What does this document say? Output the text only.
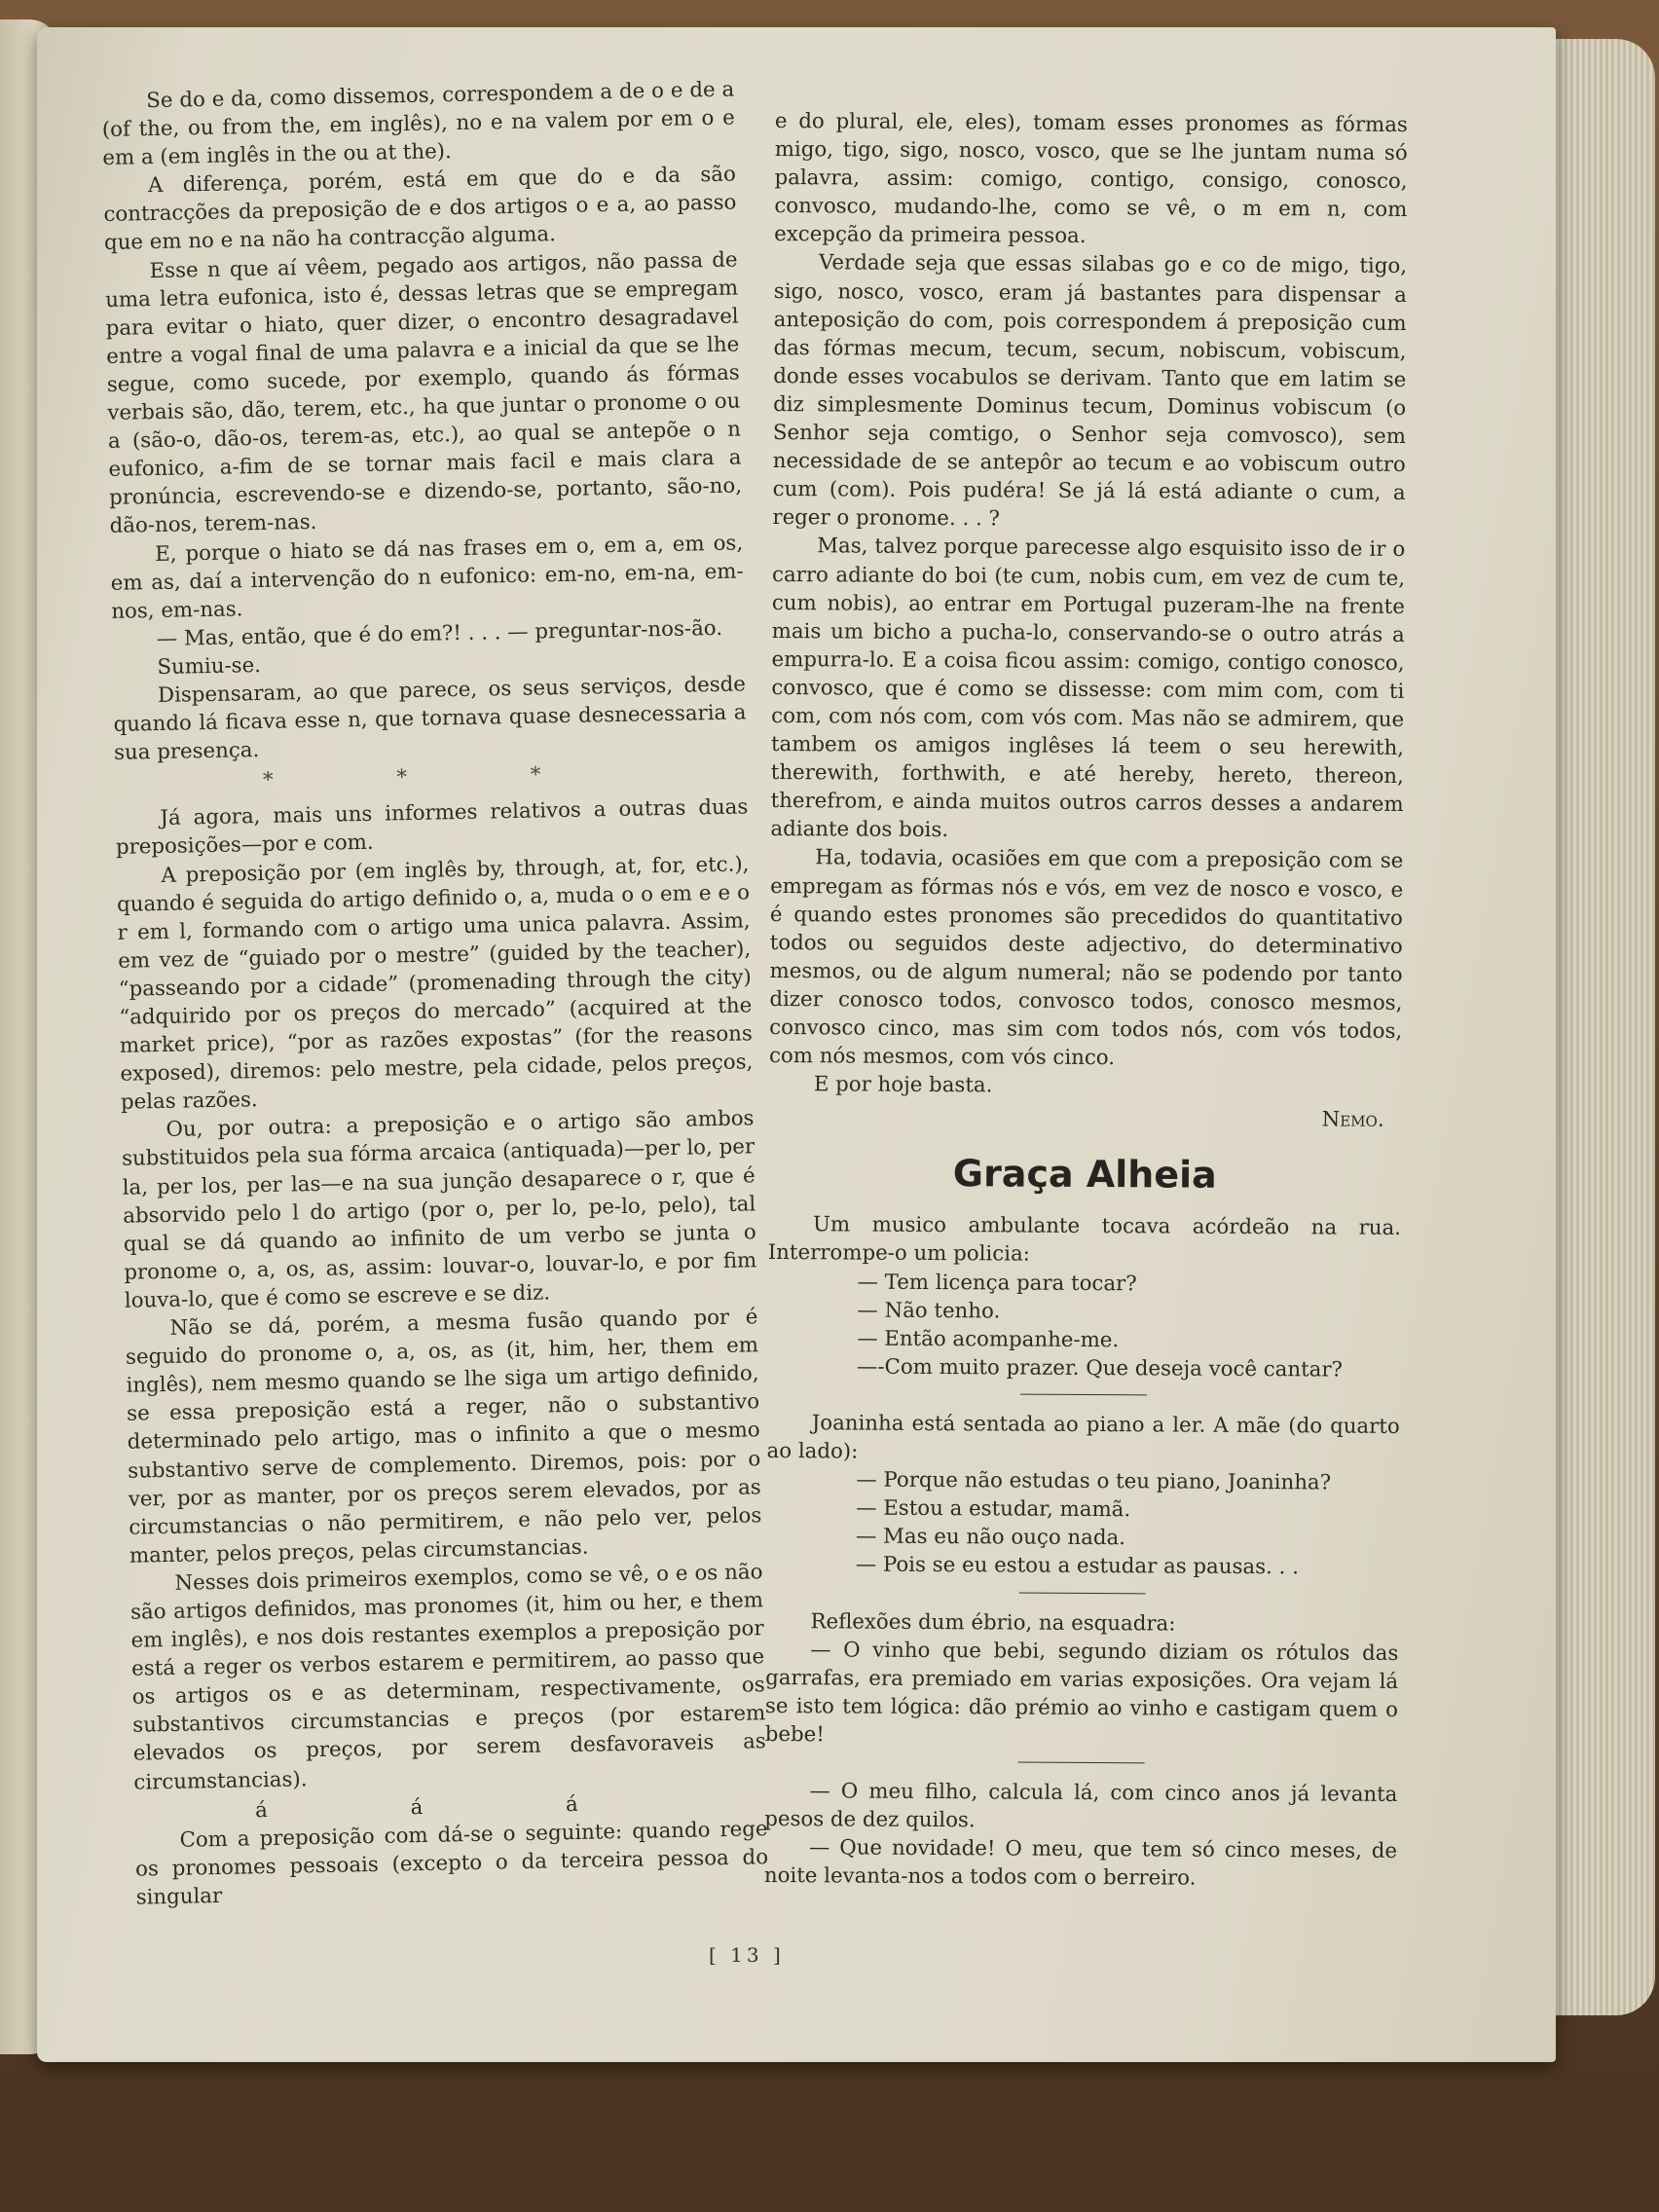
Se do e da, como dissemos, correspondem a de o e de a (of the, ou from the, em inglês), no e na valem por em o e em a (em inglês in the ou at the).

A diferença, porém, está em que do e da são contracções da preposição de e dos artigos o e a, ao passo que em no e na não ha contracção alguma.

Esse n que aí vêem, pegado aos artigos, não passa de uma letra eufonica, isto é, dessas letras que se empregam para evitar o hiato, quer dizer, o encontro desagradavel entre a vogal final de uma palavra e a inicial da que se lhe segue, como sucede, por exemplo, quando ás fórmas verbais são, dão, terem, etc., ha que juntar o pronome o ou a (são-o, dão-os, terem-as, etc.), ao qual se antepõe o n eufonico, a-fim de se tornar mais facil e mais clara a pronúncia, escrevendo-se e dizendo-se, portanto, são-no, dão-nos, terem-nas.

E, porque o hiato se dá nas frases em o, em a, em os, em as, daí a intervenção do n eufonico: em-no, em-na, em-nos, em-nas.

— Mas, então, que é do em?! . . . — preguntar-nos-ão.

Sumiu-se.

Dispensaram, ao que parece, os seus serviços, desde quando lá ficava esse n, que tornava quase desnecessaria a sua presença.

* * *

Já agora, mais uns informes relativos a outras duas preposições—por e com.

A preposição por (em inglês by, through, at, for, etc.), quando é seguida do artigo definido o, a, muda o o em e e o r em l, formando com o artigo uma unica palavra. Assim, em vez de “guiado por o mestre” (guided by the teacher), “passeando por a cidade” (promenading through the city) “adquirido por os preços do mercado” (acquired at the market price), “por as razões expostas” (for the reasons exposed), diremos: pelo mestre, pela cidade, pelos preços, pelas razões.

Ou, por outra: a preposição e o artigo são ambos substituidos pela sua fórma arcaica (antiquada)—per lo, per la, per los, per las—e na sua junção desaparece o r, que é absorvido pelo l do artigo (por o, per lo, pe-lo, pelo), tal qual se dá quando ao infinito de um verbo se junta o pronome o, a, os, as, assim: louvar-o, louvar-lo, e por fim louva-lo, que é como se escreve e se diz.

Não se dá, porém, a mesma fusão quando por é seguido do pronome o, a, os, as (it, him, her, them em inglês), nem mesmo quando se lhe siga um artigo definido, se essa preposição está a reger, não o substantivo determinado pelo artigo, mas o infinito a que o mesmo substantivo serve de complemento. Diremos, pois: por o ver, por as manter, por os preços serem elevados, por as circumstancias o não permitirem, e não pelo ver, pelos manter, pelos preços, pelas circumstancias.

Nesses dois primeiros exemplos, como se vê, o e os não são artigos definidos, mas pronomes (it, him ou her, e them em inglês), e nos dois restantes exemplos a preposição por está a reger os verbos estarem e permitirem, ao passo que os artigos os e as determinam, respectivamente, os substantivos circumstancias e preços (por estarem elevados os preços, por serem desfavoraveis as circumstancias).

á á á

Com a preposição com dá-se o seguinte: quando rege os pronomes pessoais (excepto o da terceira pessoa do singular

e do plural, ele, eles), tomam esses pronomes as fórmas migo, tigo, sigo, nosco, vosco, que se lhe juntam numa só palavra, assim: comigo, contigo, consigo, conosco, convosco, mudando-lhe, como se vê, o m em n, com excepção da primeira pessoa.

Verdade seja que essas silabas go e co de migo, tigo, sigo, nosco, vosco, eram já bastantes para dispensar a anteposição do com, pois correspondem á preposição cum das fórmas mecum, tecum, secum, nobiscum, vobiscum, donde esses vocabulos se derivam. Tanto que em latim se diz simplesmente Dominus tecum, Dominus vobiscum (o Senhor seja comtigo, o Senhor seja comvosco), sem necessidade de se antepôr ao tecum e ao vobiscum outro cum (com). Pois pudéra! Se já lá está adiante o cum, a reger o pronome. . . ?

Mas, talvez porque parecesse algo esquisito isso de ir o carro adiante do boi (te cum, nobis cum, em vez de cum te, cum nobis), ao entrar em Portugal puzeram-lhe na frente mais um bicho a pucha-lo, conservando-se o outro atrás a empurra-lo. E a coisa ficou assim: comigo, contigo conosco, convosco, que é como se dissesse: com mim com, com ti com, com nós com, com vós com. Mas não se admirem, que tambem os amigos inglêses lá teem o seu herewith, therewith, forthwith, e até hereby, hereto, thereon, therefrom, e ainda muitos outros carros desses a andarem adiante dos bois.

Ha, todavia, ocasiões em que com a preposição com se empregam as fórmas nós e vós, em vez de nosco e vosco, e é quando estes pronomes são precedidos do quantitativo todos ou seguidos deste adjectivo, do determinativo mesmos, ou de algum numeral; não se podendo por tanto dizer conosco todos, convosco todos, conosco mesmos, convosco cinco, mas sim com todos nós, com vós todos, com nós mesmos, com vós cinco.

E por hoje basta.

Nemo.
Graça Alheia

Um musico ambulante tocava acórdeão na rua. Interrompe-o um policia:

— Tem licença para tocar?

— Não tenho.

— Então acompanhe-me.

—-Com muito prazer. Que deseja você cantar?

Joaninha está sentada ao piano a ler. A mãe (do quarto ao lado):

— Porque não estudas o teu piano, Joaninha?

— Estou a estudar, mamã.

— Mas eu não ouço nada.

— Pois se eu estou a estudar as pausas. . .

Reflexões dum ébrio, na esquadra:

— O vinho que bebi, segundo diziam os rótulos das garrafas, era premiado em varias exposições. Ora vejam lá se isto tem lógica: dão prémio ao vinho e castigam quem o bebe!

— O meu filho, calcula lá, com cinco anos já levanta pesos de dez quilos.

— Que novidade! O meu, que tem só cinco meses, de noite levanta-nos a todos com o berreiro.

[ 13 ]
